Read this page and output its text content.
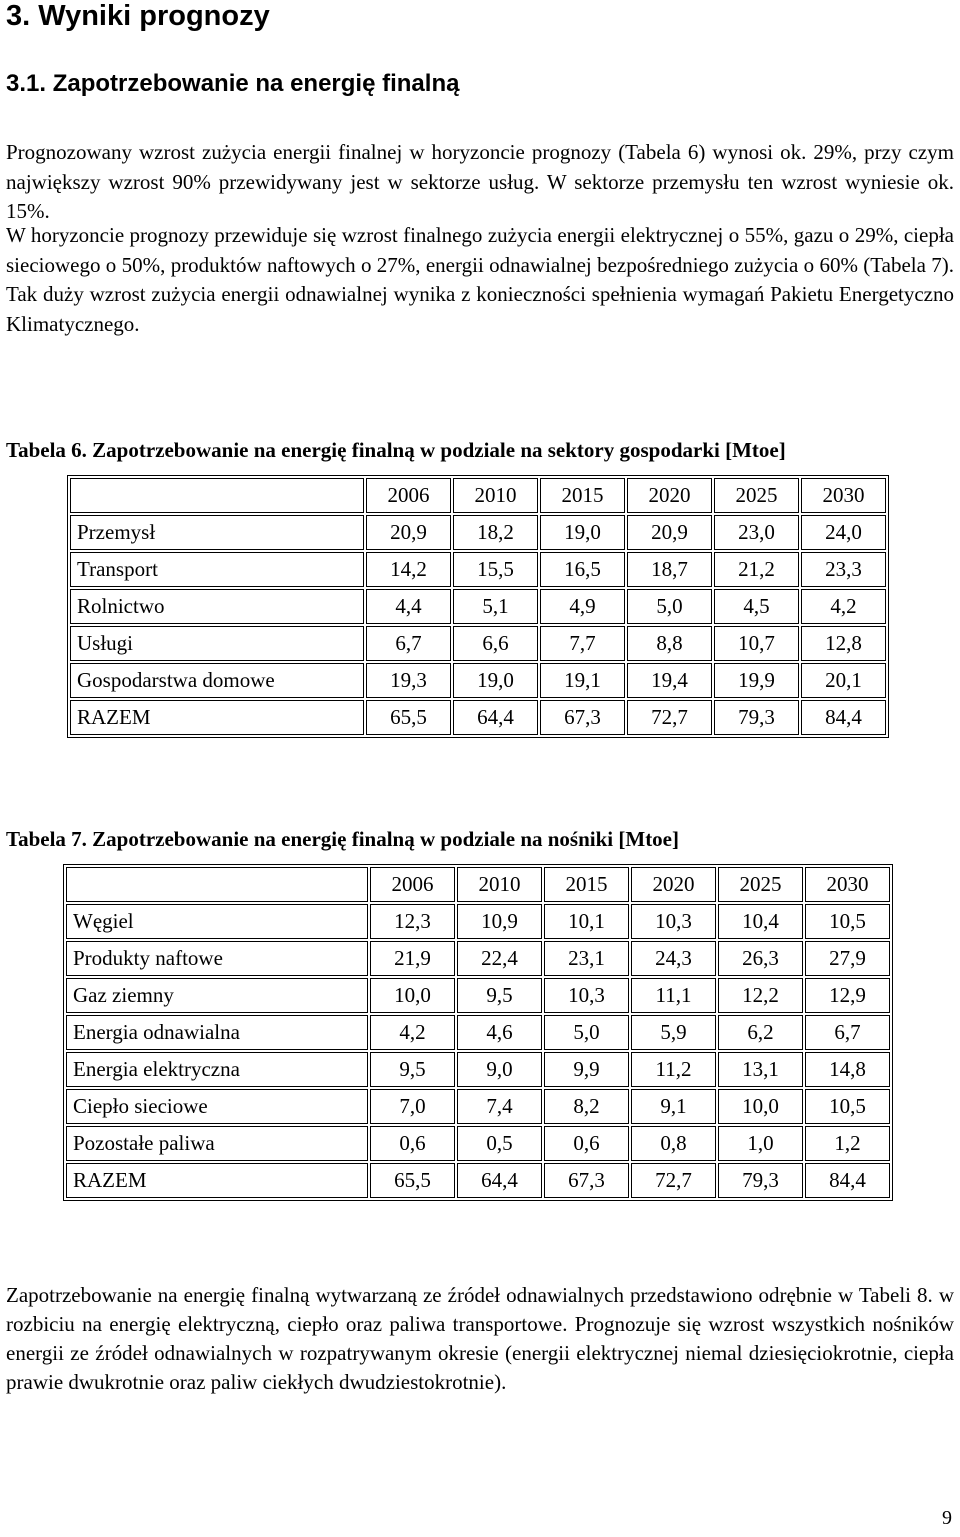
3. Wyniki prognozy
3.1. Zapotrzebowanie na energię finalną

Prognozowany wzrost zużycia energii finalnej w horyzoncie prognozy (Tabela 6) wynosi ok. 29%, przy czym największy wzrost 90% przewidywany jest w sektorze usług. W sektorze przemysłu ten wzrost wyniesie ok. 15%.

W horyzoncie prognozy przewiduje się wzrost finalnego zużycia energii elektrycznej o 55%, gazu o 29%, ciepła sieciowego o 50%, produktów naftowych o 27%, energii odnawialnej bezpośredniego zużycia o 60% (Tabela 7). Tak duży wzrost zużycia energii odnawialnej wynika z konieczności spełnienia wymagań Pakietu Energetyczno Klimatycznego.

Tabela 6. Zapotrzebowanie na energię finalną w podziale na sektory gospodarki [Mtoe]

	2006	2010	2015	2020	2025	2030
Przemysł	20,9	18,2	19,0	20,9	23,0	24,0
Transport	14,2	15,5	16,5	18,7	21,2	23,3
Rolnictwo	4,4	5,1	4,9	5,0	4,5	4,2
Usługi	6,7	6,6	7,7	8,8	10,7	12,8
Gospodarstwa domowe	19,3	19,0	19,1	19,4	19,9	20,1
RAZEM	65,5	64,4	67,3	72,7	79,3	84,4

Tabela 7. Zapotrzebowanie na energię finalną w podziale na nośniki [Mtoe]

	2006	2010	2015	2020	2025	2030
Węgiel	12,3	10,9	10,1	10,3	10,4	10,5
Produkty naftowe	21,9	22,4	23,1	24,3	26,3	27,9
Gaz ziemny	10,0	9,5	10,3	11,1	12,2	12,9
Energia odnawialna	4,2	4,6	5,0	5,9	6,2	6,7
Energia elektryczna	9,5	9,0	9,9	11,2	13,1	14,8
Ciepło sieciowe	7,0	7,4	8,2	9,1	10,0	10,5
Pozostałe paliwa	0,6	0,5	0,6	0,8	1,0	1,2
RAZEM	65,5	64,4	67,3	72,7	79,3	84,4

Zapotrzebowanie na energię finalną wytwarzaną ze źródeł odnawialnych przedstawiono odrębnie w Tabeli 8. w rozbiciu na energię elektryczną, ciepło oraz paliwa transportowe. Prognozuje się wzrost wszystkich nośników energii ze źródeł odnawialnych w rozpatrywanym okresie (energii elektrycznej niemal dziesięciokrotnie, ciepła prawie dwukrotnie oraz paliw ciekłych dwudziestokrotnie).

9
